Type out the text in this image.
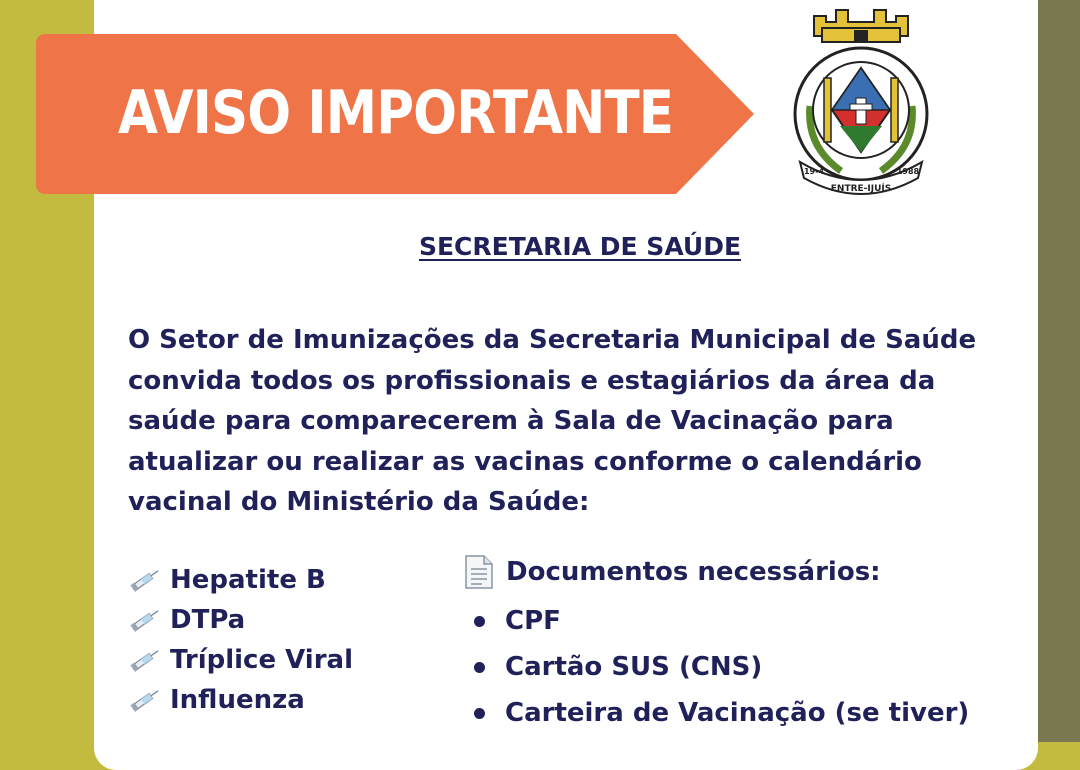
AVISO IMPORTANTE
ENTRE-IJUÍS
19-4	1988
SECRETARIA DE SAÚDE

O Setor de Imunizações da Secretaria Municipal de Saúde
convida todos os profissionais e estagiários da área da
saúde para comparecerem à Sala de Vacinação para
atualizar ou realizar as vacinas conforme o calendário
vacinal do Ministério da Saúde:

Hepatite B
DTPa
Tríplice Viral
Influenza
Documentos necessários:
CPF
Cartão SUS (CNS)
Carteira de Vacinação (se tiver)
